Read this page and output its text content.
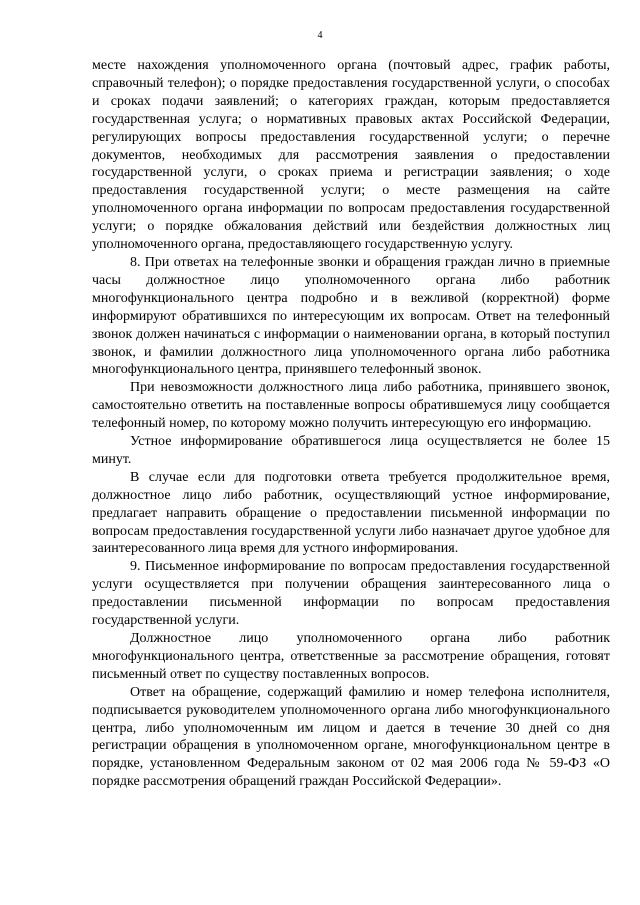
4

месте нахождения уполномоченного органа (почтовый адрес, график работы, справочный телефон); о порядке предоставления государственной услуги, о способах и сроках подачи заявлений; о категориях граждан, которым предоставляется государственная услуга; о нормативных правовых актах Российской Федерации, регулирующих вопросы предоставления государственной услуги; о перечне документов, необходимых для рассмотрения заявления о предоставлении государственной услуги, о сроках приема и регистрации заявления; о ходе предоставления государственной услуги; о месте размещения на сайте уполномоченного органа информации по вопросам предоставления государственной услуги; о порядке обжалования действий или бездействия должностных лиц уполномоченного органа, предоставляющего государственную услугу.

8. При ответах на телефонные звонки и обращения граждан лично в приемные часы должностное лицо уполномоченного органа либо работник многофункционального центра подробно и в вежливой (корректной) форме информируют обратившихся по интересующим их вопросам. Ответ на телефонный звонок должен начинаться с информации о наименовании органа, в который поступил звонок, и фамилии должностного лица уполномоченного органа либо работника многофункционального центра, принявшего телефонный звонок.

При невозможности должностного лица либо работника, принявшего звонок, самостоятельно ответить на поставленные вопросы обратившемуся лицу сообщается телефонный номер, по которому можно получить интересующую его информацию.

Устное информирование обратившегося лица осуществляется не более 15 минут.

В случае если для подготовки ответа требуется продолжительное время, должностное лицо либо работник, осуществляющий устное информирование, предлагает направить обращение о предоставлении письменной информации по вопросам предоставления государственной услуги либо назначает другое удобное для заинтересованного лица время для устного информирования.

9. Письменное информирование по вопросам предоставления государственной услуги осуществляется при получении обращения заинтересованного лица о предоставлении письменной информации по вопросам предоставления государственной услуги.

Должностное лицо уполномоченного органа либо работник многофункционального центра, ответственные за рассмотрение обращения, готовят письменный ответ по существу поставленных вопросов.

Ответ на обращение, содержащий фамилию и номер телефона исполнителя, подписывается руководителем уполномоченного органа либо многофункционального центра, либо уполномоченным им лицом и дается в течение 30 дней со дня регистрации обращения в уполномоченном органе, многофункциональном центре в порядке, установленном Федеральным законом от 02 мая 2006 года № 59-ФЗ «О порядке рассмотрения обращений граждан Российской Федерации».
